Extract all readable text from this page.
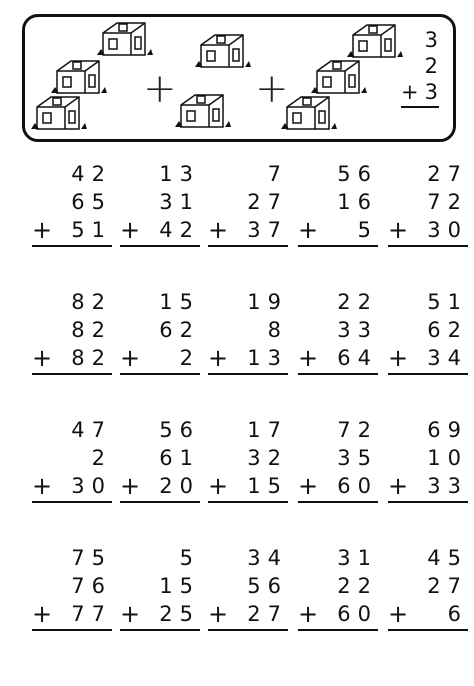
+ +
3
2
+ 3
42
65
+ 51
13
31
+ 42
7
27
+ 37
56
16
+ 5
27
72
+ 30
82
82
+ 82
15
62
+ 2
19
8
+ 13
22
33
+ 64
51
62
+ 34
47
2
+ 30
56
61
+ 20
17
32
+ 15
72
35
+ 60
69
10
+ 33
75
76
+ 77
5
15
+ 25
34
56
+ 27
31
22
+ 60
45
27
+ 6
